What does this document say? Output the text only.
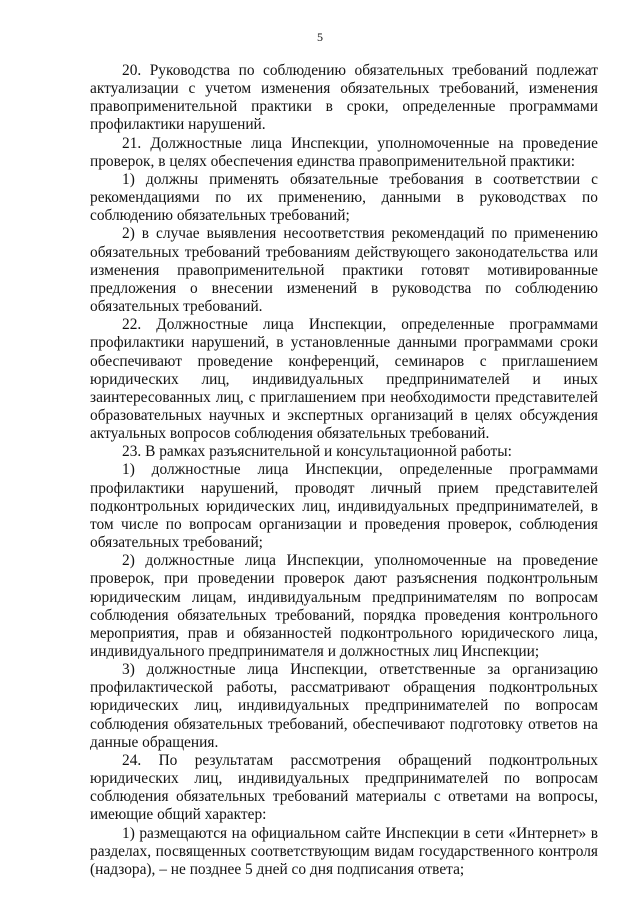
5

20. Руководства по соблюдению обязательных требований подлежат актуализации с учетом изменения обязательных требований, изменения правоприменительной практики в сроки, определенные программами профилактики нарушений.

21. Должностные лица Инспекции, уполномоченные на проведение проверок, в целях обеспечения единства правоприменительной практики:

1) должны применять обязательные требования в соответствии с рекомендациями по их применению, данными в руководствах по соблюдению обязательных требований;

2) в случае выявления несоответствия рекомендаций по применению обязательных требований требованиям действующего законодательства или изменения правоприменительной практики готовят мотивированные предложения о внесении изменений в руководства по соблюдению обязательных требований.

22. Должностные лица Инспекции, определенные программами профилактики нарушений, в установленные данными программами сроки обеспечивают проведение конференций, семинаров с приглашением юридических лиц, индивидуальных предпринимателей и иных заинтересованных лиц, с приглашением при необходимости представителей образовательных научных и экспертных организаций в целях обсуждения актуальных вопросов соблюдения обязательных требований.

23. В рамках разъяснительной и консультационной работы:

1) должностные лица Инспекции, определенные программами профилактики нарушений, проводят личный прием представителей подконтрольных юридических лиц, индивидуальных предпринимателей, в том числе по вопросам организации и проведения проверок, соблюдения обязательных требований;

2) должностные лица Инспекции, уполномоченные на проведение проверок, при проведении проверок дают разъяснения подконтрольным юридическим лицам, индивидуальным предпринимателям по вопросам соблюдения обязательных требований, порядка проведения контрольного мероприятия, прав и обязанностей подконтрольного юридического лица, индивидуального предпринимателя и должностных лиц Инспекции;

3) должностные лица Инспекции, ответственные за организацию профилактической работы, рассматривают обращения подконтрольных юридических лиц, индивидуальных предпринимателей по вопросам соблюдения обязательных требований, обеспечивают подготовку ответов на данные обращения.

24. По результатам рассмотрения обращений подконтрольных юридических лиц, индивидуальных предпринимателей по вопросам соблюдения обязательных требований материалы с ответами на вопросы, имеющие общий характер:

1) размещаются на официальном сайте Инспекции в сети «Интернет» в разделах, посвященных соответствующим видам государственного контроля (надзора), – не позднее 5 дней со дня подписания ответа;
